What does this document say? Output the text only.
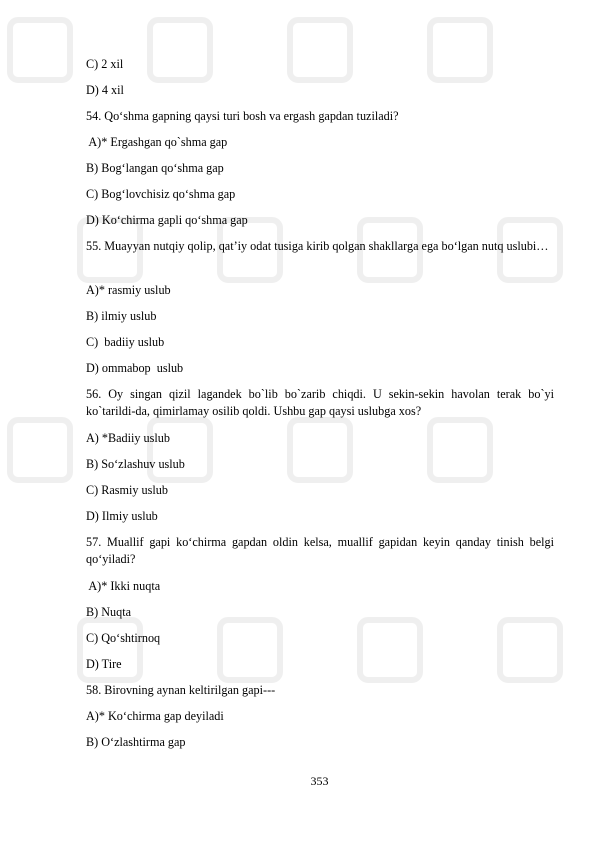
C) 2 xil
D) 4 xil
54. Qo‘shma gapning qaysi turi bosh va ergash gapdan tuziladi?
A)* Ergashgan qo`shma gap
B) Bog‘langan qo‘shma gap
C) Bog‘lovchisiz qo‘shma gap
D) Ko‘chirma gapli qo‘shma gap
55. Muayyan nutqiy qolip, qat’iy odat tusiga kirib qolgan shakllarga ega bo‘lgan nutq uslubi…
A)* rasmiy uslub
B) ilmiy uslub
C)  badiiy uslub
D) ommabop  uslub
56. Oy singan qizil lagandek bo`lib bo`zarib chiqdi. U sekin-sekin havolan terak bo`yi ko`tarildi-da, qimirlamay osilib qoldi. Ushbu gap qaysi uslubga xos?
A) *Badiiy uslub
B) So‘zlashuv uslub
C) Rasmiy uslub
D) Ilmiy uslub
57. Muallif gapi ko‘chirma gapdan oldin kelsa, muallif gapidan keyin qanday tinish belgi qo‘yiladi?
A)* Ikki nuqta
B) Nuqta
C) Qo‘shtirnoq
D) Tire
58. Birovning aynan keltirilgan gapi---
A)* Ko‘chirma gap deyiladi
B) O‘zlashtirma gap
353
